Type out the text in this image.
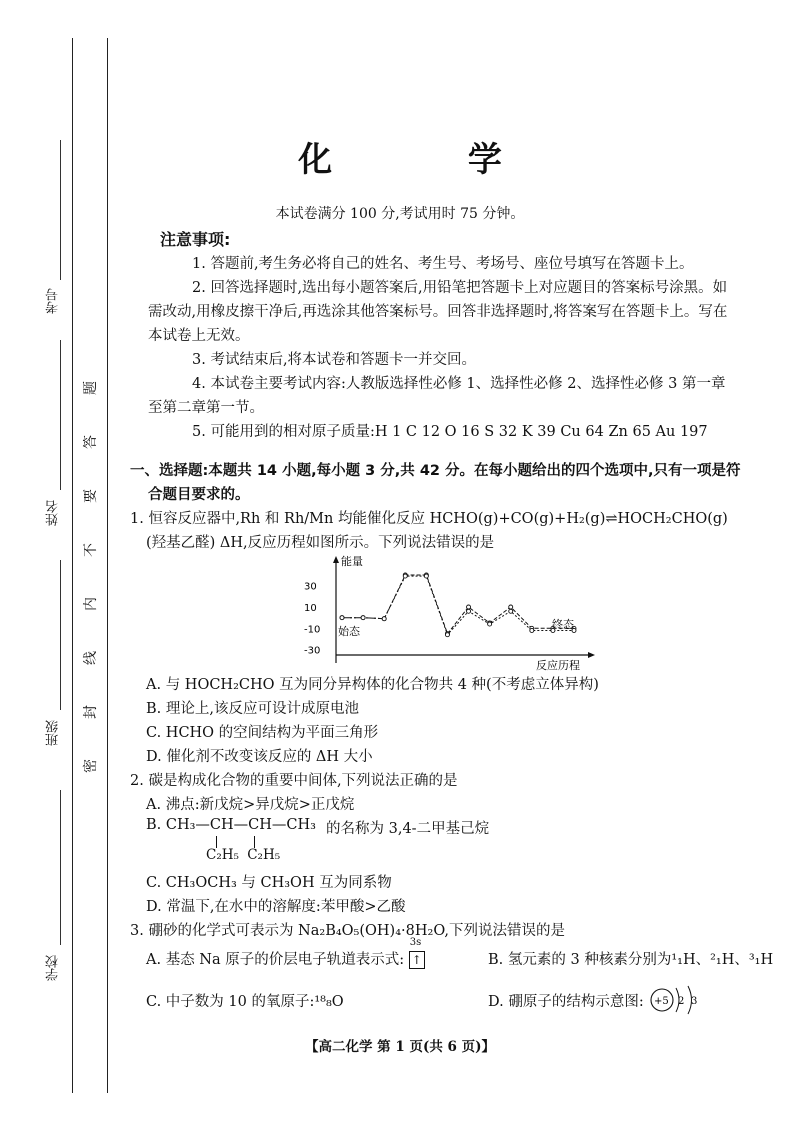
考号
姓名
班级
学校
题
答
要
不
内
线
封
密
化 学
本试卷满分 100 分,考试用时 75 分钟。
注意事项:
1. 答题前,考生务必将自己的姓名、考生号、考场号、座位号填写在答题卡上。
2. 回答选择题时,选出每小题答案后,用铅笔把答题卡上对应题目的答案标号涂黑。如需改动,用橡皮擦干净后,再选涂其他答案标号。回答非选择题时,将答案写在答题卡上。写在本试卷上无效。
3. 考试结束后,将本试卷和答题卡一并交回。
4. 本试卷主要考试内容:人教版选择性必修 1、选择性必修 2、选择性必修 3 第一章至第二章第一节。
5. 可能用到的相对原子质量:H 1 C 12 O 16 S 32 K 39 Cu 64 Zn 65 Au 197
一、选择题:本题共 14 小题,每小题 3 分,共 42 分。在每小题给出的四个选项中,只有一项是符
合题目要求的。
1. 恒容反应器中,Rh 和 Rh/Mn 均能催化反应 HCHO(g)+CO(g)+H₂(g)⇌HOCH₂CHO(g)
(羟基乙醛) ΔH,反应历程如图所示。下列说法错误的是
能量
反应历程
30
10
-10
-30
始态
终态
A. 与 HOCH₂CHO 互为同分异构体的化合物共 4 种(不考虑立体异构)
B. 理论上,该反应可设计成原电池
C. HCHO 的空间结构为平面三角形
D. 催化剂不改变该反应的 ΔH 大小
2. 碳是构成化合物的重要中间体,下列说法正确的是
A. 沸点:新戊烷>异戊烷>正戊烷
B. CH₃—CH—CH—CH₃ 的名称为 3,4-二甲基己烷
C₂H₅ C₂H₅
C. CH₃OCH₃ 与 CH₃OH 互为同系物
D. 常温下,在水中的溶解度:苯甲酸>乙酸
3. 硼砂的化学式可表示为 Na₂B₄O₅(OH)₄·8H₂O,下列说法错误的是
A. 基态 Na 原子的价层电子轨道表示式:
3s
↑	B. 氢元素的 3 种核素分别为¹₁H、²₁H、³₁H
C. 中子数为 10 的氧原子:¹⁸₈O	D. 硼原子的结构示意图: +5 2 3
【高二化学 第 1 页(共 6 页)】
